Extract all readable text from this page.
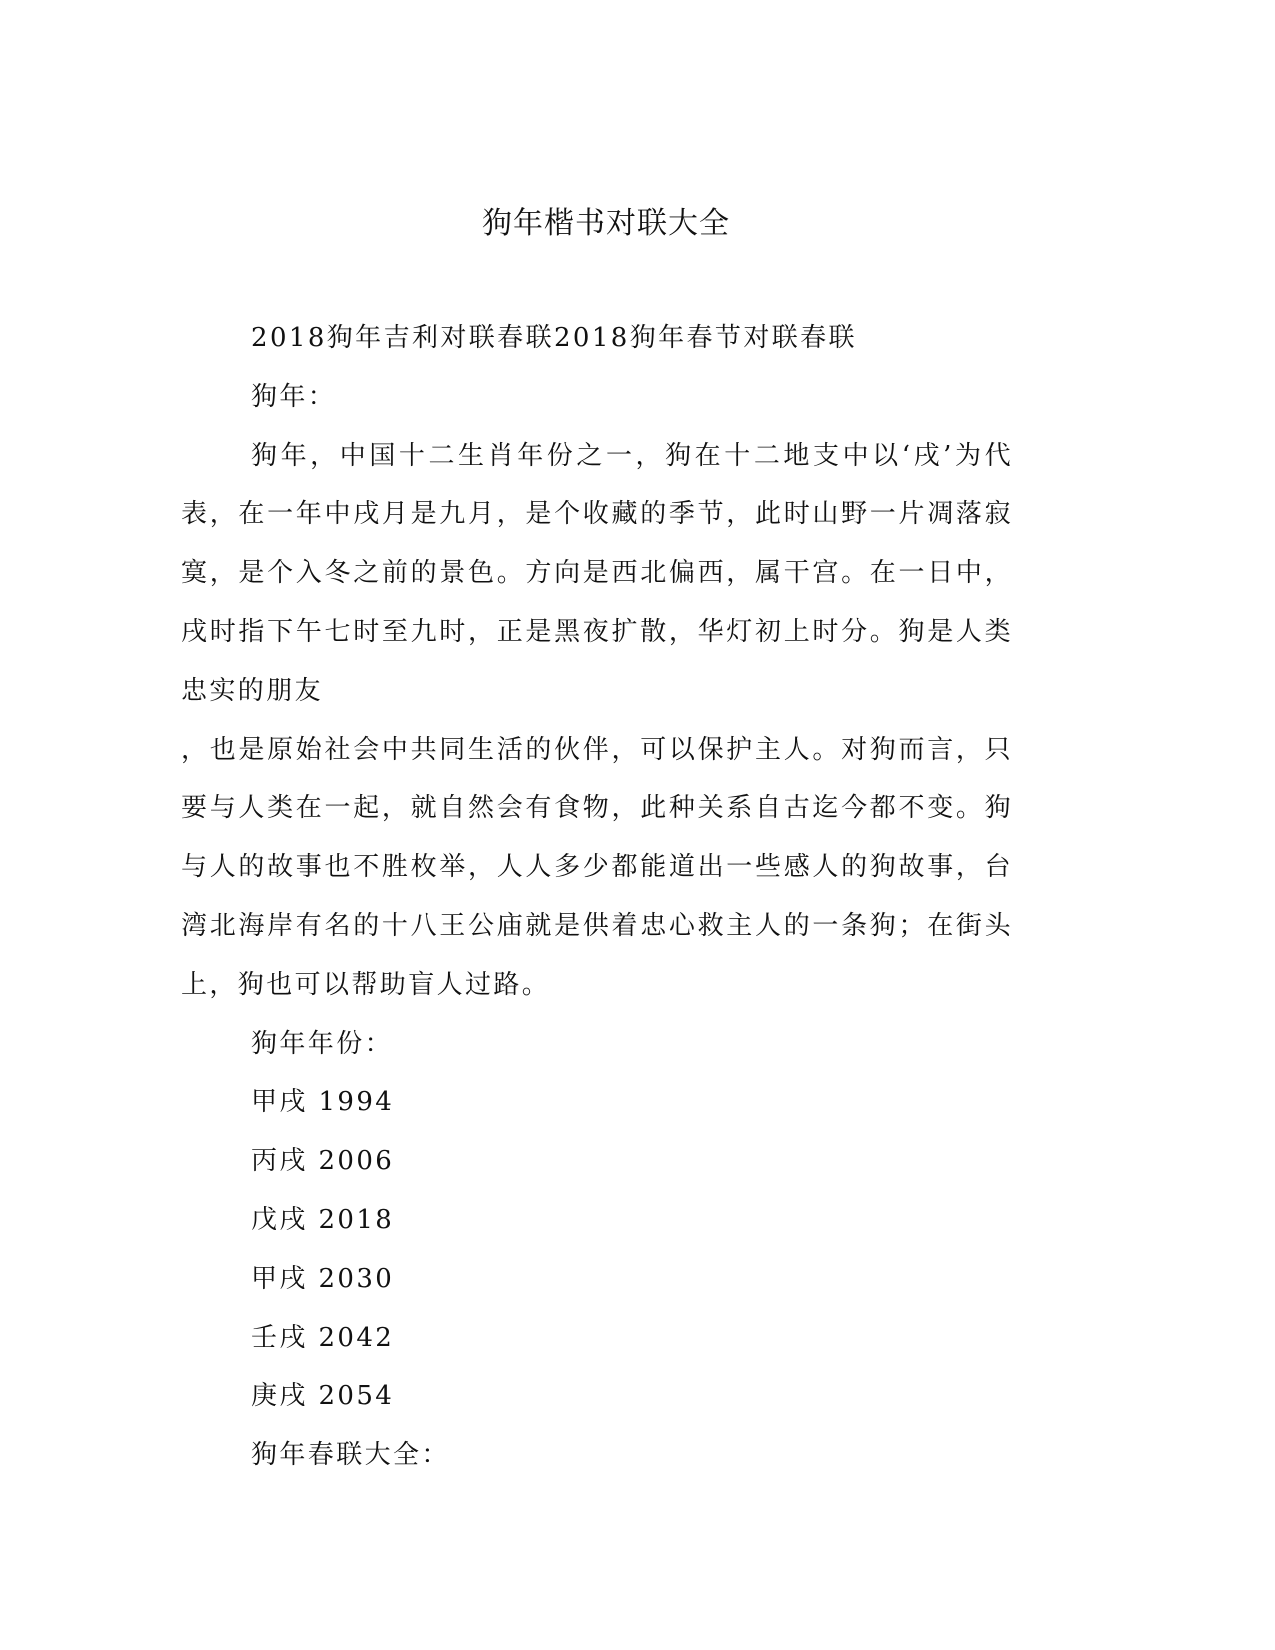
狗年楷书对联大全

2018狗年吉利对联春联2018狗年春节对联春联

狗年：

狗年，中国十二生肖年份之一，狗在十二地支中以‘戌’为代表，在一年中戌月是九月，是个收藏的季节，此时山野一片凋落寂寞，是个入冬之前的景色。方向是西北偏西，属干宫。在一日中，戌时指下午七时至九时，正是黑夜扩散，华灯初上时分。狗是人类忠实的朋友

，也是原始社会中共同生活的伙伴，可以保护主人。对狗而言，只要与人类在一起，就自然会有食物，此种关系自古迄今都不变。狗与人的故事也不胜枚举，人人多少都能道出一些感人的狗故事，台湾北海岸有名的十八王公庙就是供着忠心救主人的一条狗；在街头上，狗也可以帮助盲人过路。

狗年年份：

甲戌 1994

丙戌 2006

戊戌 2018

甲戌 2030

壬戌 2042

庚戌 2054

狗年春联大全：
